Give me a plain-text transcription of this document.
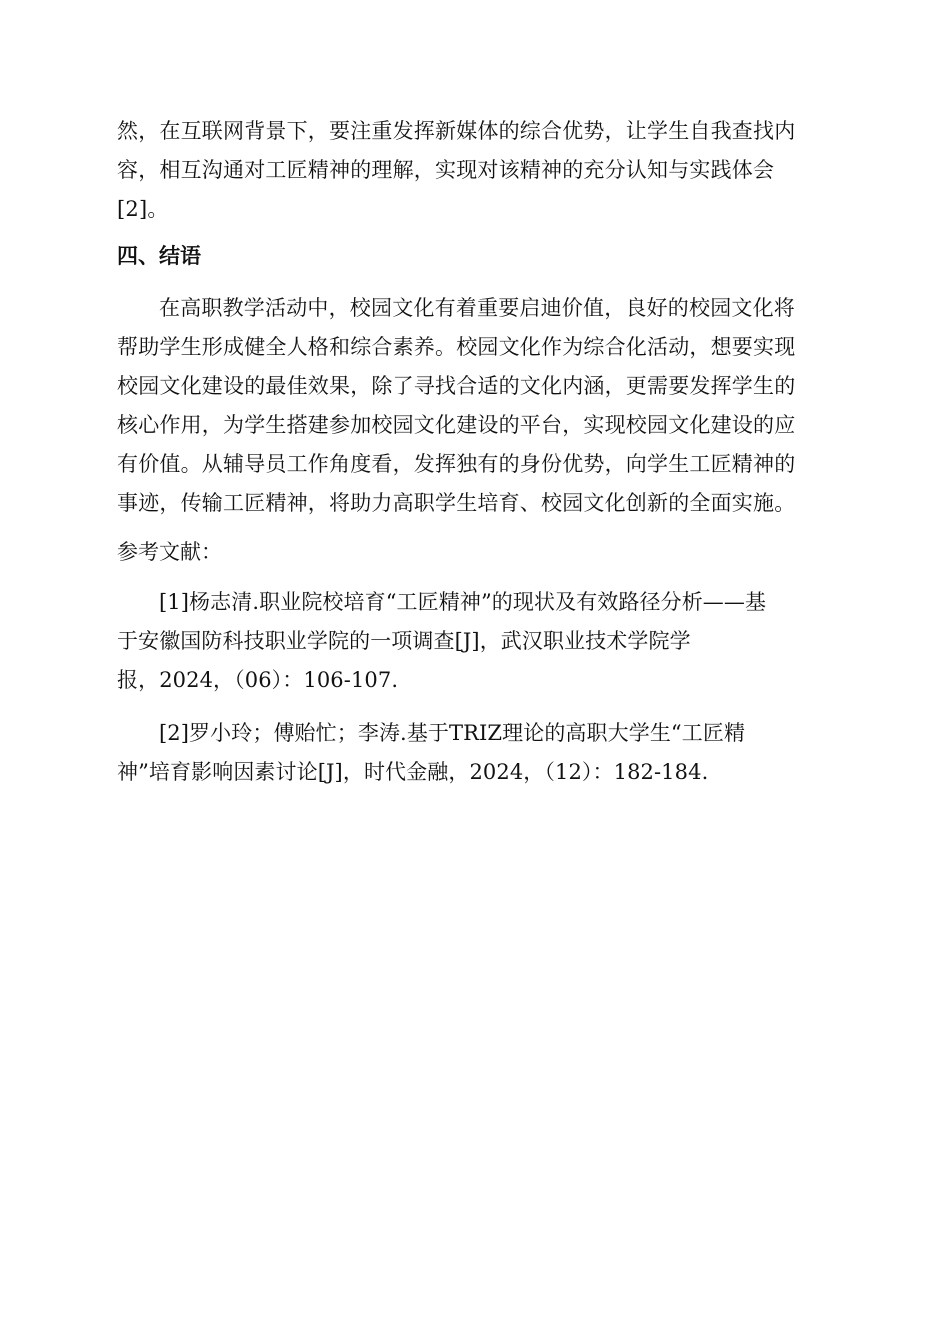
然，在互联网背景下，要注重发挥新媒体的综合优势，让学生自我查找内
容，相互沟通对工匠精神的理解，实现对该精神的充分认知与实践体会
[2]。
四、结语
在高职教学活动中，校园文化有着重要启迪价值，良好的校园文化将
帮助学生形成健全人格和综合素养。校园文化作为综合化活动，想要实现
校园文化建设的最佳效果，除了寻找合适的文化内涵，更需要发挥学生的
核心作用，为学生搭建参加校园文化建设的平台，实现校园文化建设的应
有价值。从辅导员工作角度看，发挥独有的身份优势，向学生工匠精神的
事迹，传输工匠精神，将助力高职学生培育、校园文化创新的全面实施。
参考文献：
[1]杨志清.职业院校培育“工匠精神”的现状及有效路径分析——基
于安徽国防科技职业学院的一项调查[J]，武汉职业技术学院学
报，2024，（06）：106-107.
[2]罗小玲；傅贻忙；李涛.基于TRIZ理论的高职大学生“工匠精
神”培育影响因素讨论[J]，时代金融，2024，（12）：182-184.
